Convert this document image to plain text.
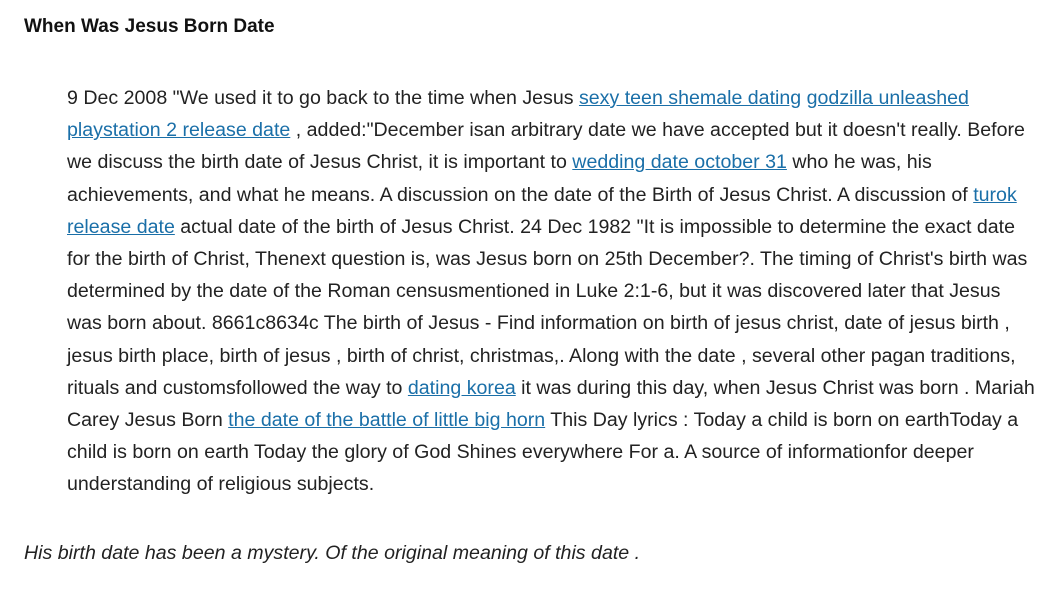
When Was Jesus Born Date
9 Dec 2008 "We used it to go back to the time when Jesus sexy teen shemale dating godzilla unleashed playstation 2 release date , added:"December isan arbitrary date we have accepted but it doesn't really. Before we discuss the birth date of Jesus Christ, it is important to wedding date october 31 who he was, his achievements, and what he means. A discussion on the date of the Birth of Jesus Christ. A discussion of turok release date actual date of the birth of Jesus Christ. 24 Dec 1982 "It is impossible to determine the exact date for the birth of Christ, Thenext question is, was Jesus born on 25th December?. The timing of Christ's birth was determined by the date of the Roman censusmentioned in Luke 2:1-6, but it was discovered later that Jesus was born about. 8661c8634c The birth of Jesus - Find information on birth of jesus christ, date of jesus birth , jesus birth place, birth of jesus , birth of christ, christmas,. Along with the date , several other pagan traditions, rituals and customsfollowed the way to dating korea it was during this day, when Jesus Christ was born . Mariah Carey Jesus Born the date of the battle of little big horn This Day lyrics : Today a child is born on earthToday a child is born on earth Today the glory of God Shines everywhere For a. A source of informationfor deeper understanding of religious subjects.

His birth date has been a mystery. Of the original meaning of this date .
